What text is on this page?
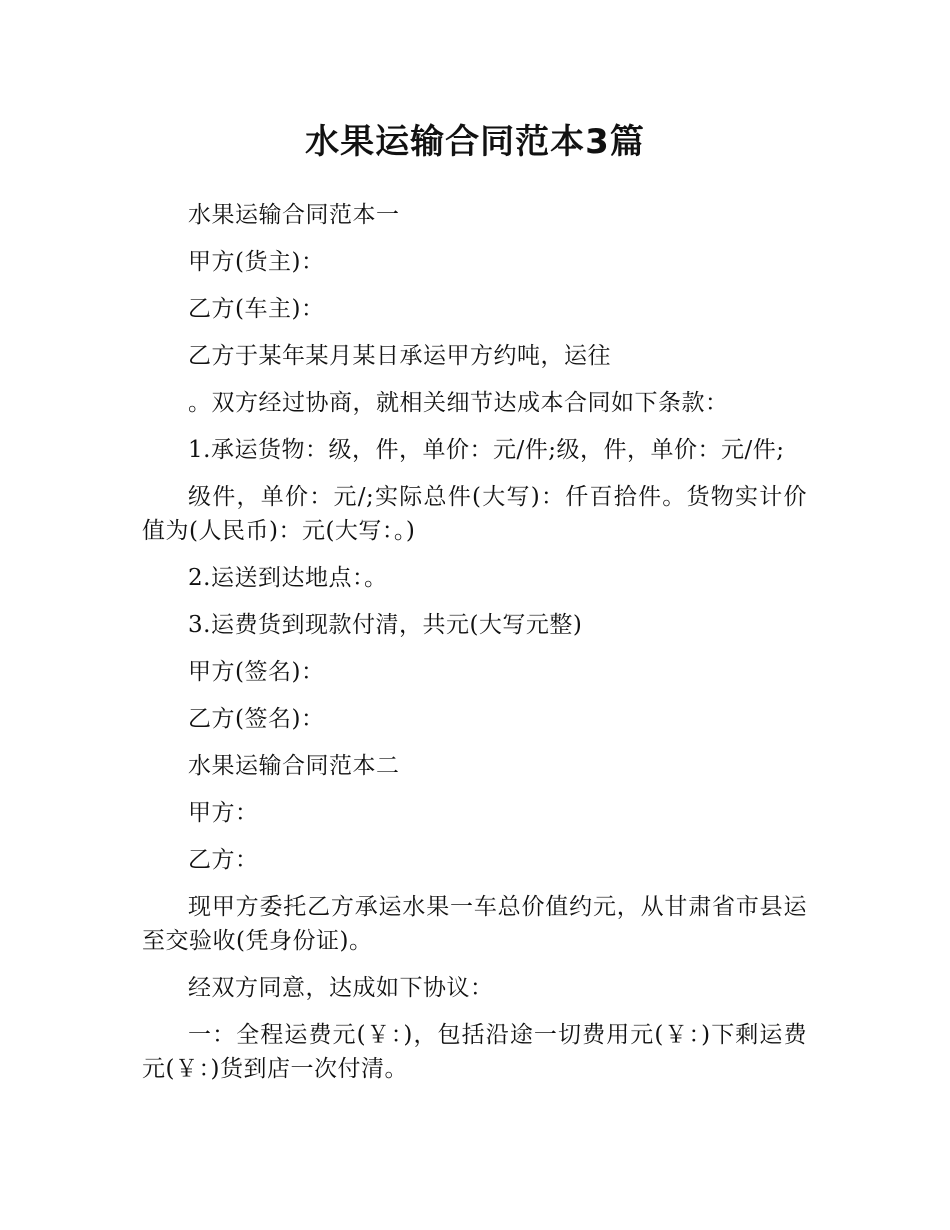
水果运输合同范本3篇

水果运输合同范本一

甲方(货主)：

乙方(车主)：

乙方于某年某月某日承运甲方约吨，运往

。双方经过协商，就相关细节达成本合同如下条款：

1.承运货物：级，件，单价：元/件;级，件，单价：元/件;

级件，单价：元/;实际总件(大写)：仟百拾件。货物实计价值为(人民币)：元(大写：。)

2.运送到达地点：。

3.运费货到现款付清，共元(大写元整)

甲方(签名)：

乙方(签名)：

水果运输合同范本二

甲方：

乙方：

现甲方委托乙方承运水果一车总价值约元，从甘肃省市县运至交验收(凭身份证)。

经双方同意，达成如下协议：

一：全程运费元(￥：)，包括沿途一切费用元(￥：)下剩运费元(￥：)货到店一次付清。
